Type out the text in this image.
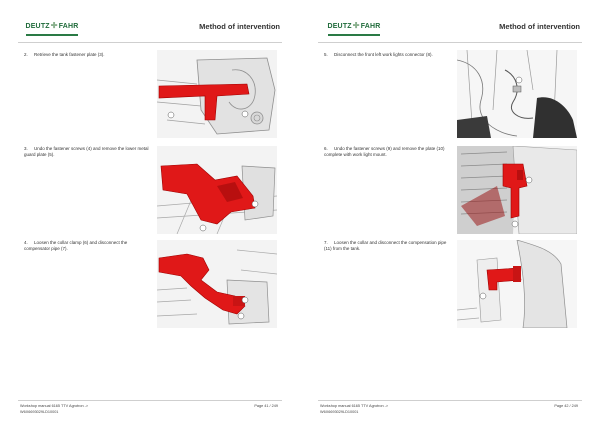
DEUTZ✚FAHR	Method of intervention
2. Retrieve the tank fastener plate (3).
3. Undo the fastener screws (4) and remove the lower metal guard plate (5).
4. Loosen the collar clamp (6) and disconnect the compensator pipe (7).
Workshop manual 6165 TTV Agrotron ->
W6X6693029LD10001
Page 41 / 249
DEUTZ✚FAHR	Method of intervention
5. Disconnect the front left work lights connector (8).
6. Undo the fastener screws (9) and remove the plate (10) complete with work light mount.
7. Loosen the collar and disconnect the compensation pipe (11) from the tank.
Workshop manual 6165 TTV Agrotron ->
W6X6693029LD10001
Page 42 / 249
